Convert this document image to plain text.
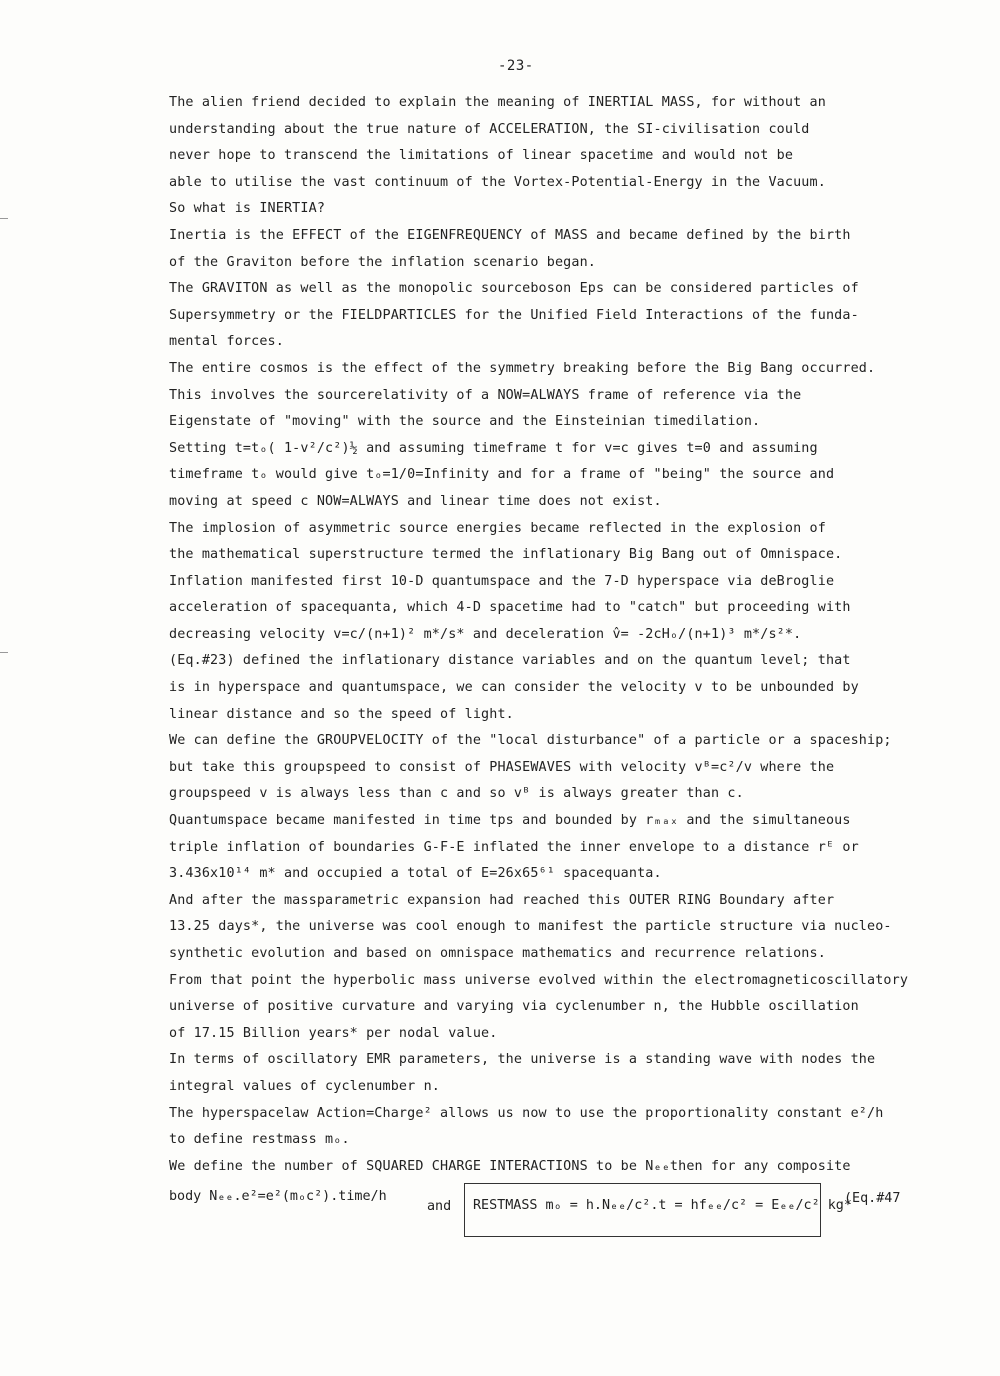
-23-
The alien friend decided to explain the meaning of INERTIAL MASS, for without an
understanding about the true nature of ACCELERATION, the SI-civilisation could
never hope to transcend the limitations of linear spacetime and would not be
able to utilise the vast continuum of the Vortex-Potential-Energy in the Vacuum.
So what is INERTIA?
Inertia is the EFFECT of the EIGENFREQUENCY of MASS and became defined by the birth
of the Graviton before the inflation scenario began.
The GRAVITON as well as the monopolic sourceboson Eps can be considered particles of
Supersymmetry or the FIELDPARTICLES for the Unified Field Interactions of the funda-
mental forces.
The entire cosmos is the effect of the symmetry breaking before the Big Bang occurred.
This involves the sourcerelativity of a NOW=ALWAYS frame of reference via the
Eigenstate of "moving" with the source and the Einsteinian timedilation.
Setting t=tₒ( 1-v²/c²)½ and assuming timeframe t for v=c gives t=0 and assuming
timeframe tₒ would give tₒ=1/0=Infinity and for a frame of "being" the source and
moving at speed c NOW=ALWAYS and linear time does not exist.
The implosion of asymmetric source energies became reflected in the explosion of
the mathematical superstructure termed the inflationary Big Bang out of Omnispace.
Inflation manifested first 10-D quantumspace and the 7-D hyperspace via deBroglie
acceleration of spacequanta, which 4-D spacetime had to "catch" but proceeding with
decreasing velocity v=c/(n+1)² m*/s* and deceleration v̂= -2cHₒ/(n+1)³ m*/s²*.
(Eq.#23) defined the inflationary distance variables and on the quantum level; that
is in hyperspace and quantumspace, we can consider the velocity v to be unbounded by
linear distance and so the speed of light.
We can define the GROUPVELOCITY of the "local disturbance" of a particle or a spaceship;
but take this groupspeed to consist of PHASEWAVES with velocity vᴮ=c²/v where the
groupspeed v is always less than c and so vᴮ is always greater than c.
Quantumspace became manifested in time tps and bounded by rₘₐₓ and the simultaneous
triple inflation of boundaries G-F-E inflated the inner envelope to a distance rᴱ or
3.436x10¹⁴ m* and occupied a total of E=26x65⁶¹ spacequanta.
And after the massparametric expansion had reached this OUTER RING Boundary after
13.25 days*, the universe was cool enough to manifest the particle structure via nucleo-
synthetic evolution and based on omnispace mathematics and recurrence relations.
From that point the hyperbolic mass universe evolved within the electromagneticoscillatory
universe of positive curvature and varying via cyclenumber n, the Hubble oscillation
of 17.15 Billion years* per nodal value.
In terms of oscillatory EMR parameters, the universe is a standing wave with nodes the
integral values of cyclenumber n.
The hyperspacelaw Action=Charge² allows us now to use the proportionality constant e²/h
to define restmass mₒ.
We define the number of SQUARED CHARGE INTERACTIONS to be Nₑₑthen for any composite
body Nₑₑ.e²=e²(mₒc²).time/h
and RESTMASS mₒ = h.Nₑₑ/c².t = hfₑₑ/c² = Eₑₑ/c² kg*
(Eq.#47
